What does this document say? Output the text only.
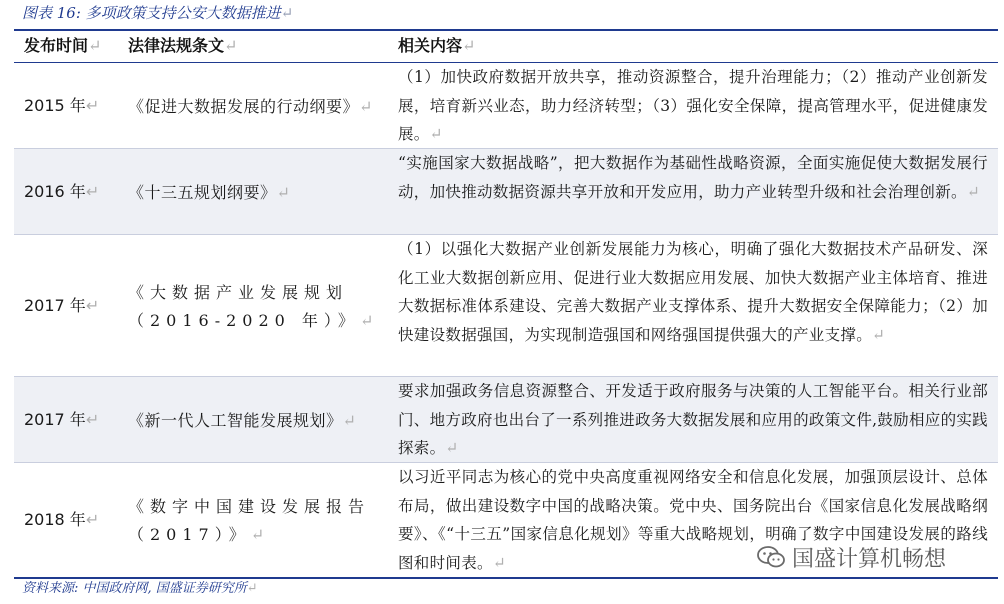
图表 16: 多项政策支持公安大数据推进↵
发布时间↵ 法律法规条文↵	相关内容↵
2015 年↵ 《促进大数据发展的行动纲要》↵
（1）加快政府数据开放共享，推动资源整合，提升治理能力；（2）推动产业创新发展，培育新兴业态，助力经济转型；（3）强化安全保障，提高管理水平，促进健康发展。↵
2016 年↵ 《十三五规划纲要》↵
“实施国家大数据战略”，把大数据作为基础性战略资源，全面实施促使大数据发展行动，加快推动数据资源共享开放和开发应用，助力产业转型升级和社会治理创新。↵
2017 年↵
《大数据产业发展规划（2016-2020 年）》↵
（1）以强化大数据产业创新发展能力为核心，明确了强化大数据技术产品研发、深化工业大数据创新应用、促进行业大数据应用发展、加快大数据产业主体培育、推进大数据标准体系建设、完善大数据产业支撑体系、提升大数据安全保障能力；（2）加快建设数据强国，为实现制造强国和网络强国提供强大的产业支撑。↵
2017 年↵ 《新一代人工智能发展规划》↵
要求加强政务信息资源整合、开发适于政府服务与决策的人工智能平台。相关行业部门、地方政府也出台了一系列推进政务大数据发展和应用的政策文件,鼓励相应的实践探索。↵
2018 年↵
《数字中国建设发展报告（2017）》↵
以习近平同志为核心的党中央高度重视网络安全和信息化发展，加强顶层设计、总体布局，做出建设数字中国的战略决策。党中央、国务院出台《国家信息化发展战略纲要》、《“十三五”国家信息化规划》等重大战略规划，明确了数字中国建设发展的路线图和时间表。↵	国盛计算机畅想
资料来源: 中国政府网, 国盛证券研究所↵
